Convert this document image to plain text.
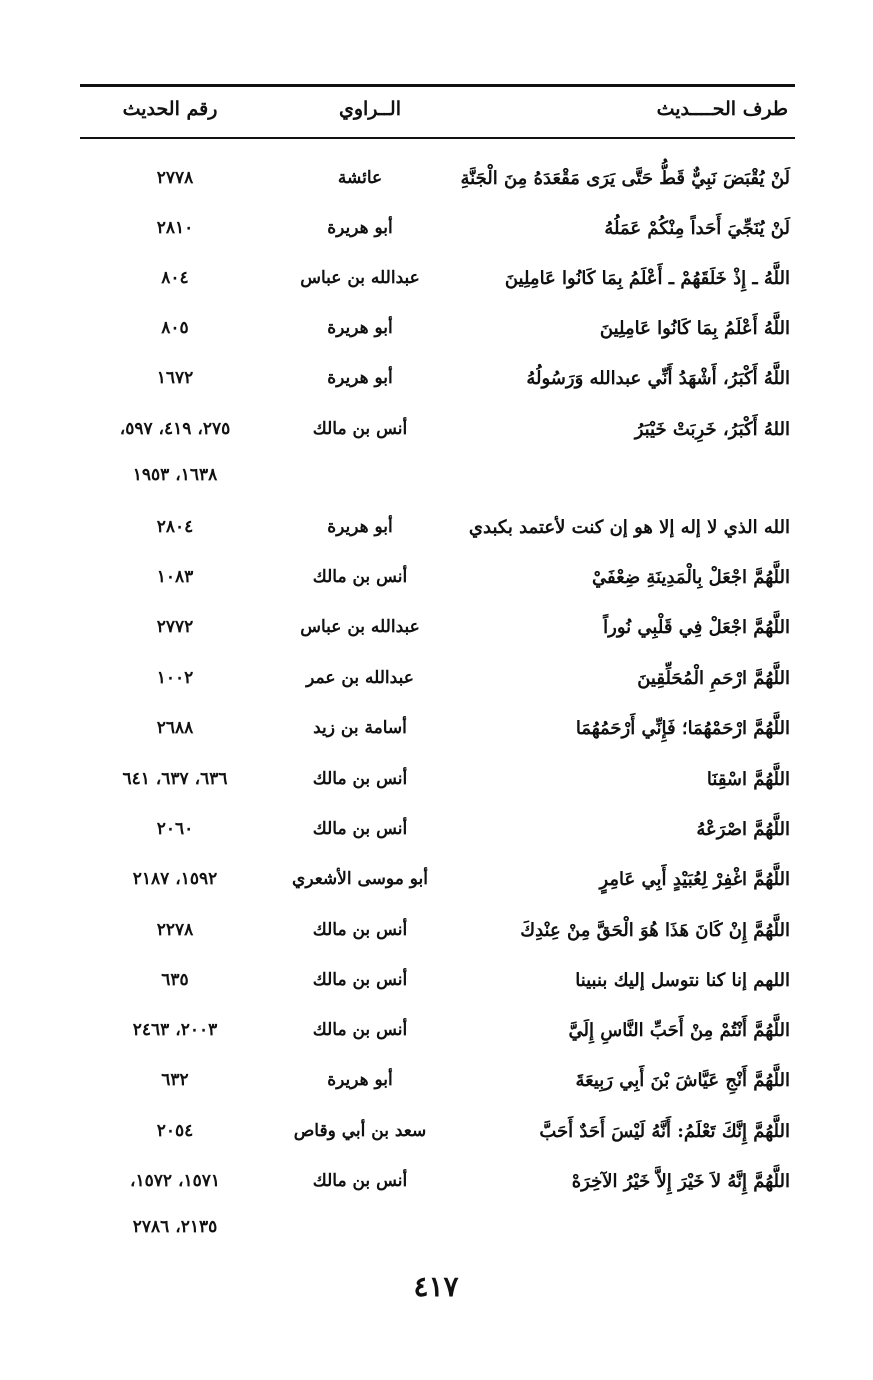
طرف الحــــديث
الــراوي
رقم الحديث
لَنْ يُقْبَضَ نَبِيٌّ قَطُّ حَتَّى يَرَى مَقْعَدَهُ مِنَ الْجَنَّةِ
عائشة
٢٧٧٨
لَنْ يُنَجِّيَ أَحَداً مِنْكُمْ عَمَلُهُ
أبو هريرة
٢٨١٠
اللَّهُ ـ إِذْ خَلَقَهُمْ ـ أَعْلَمُ بِمَا كَانُوا عَامِلِينَ
عبدالله بن عباس
٨٠٤
اللَّهُ أَعْلَمُ بِمَا كَانُوا عَامِلِينَ
أبو هريرة
٨٠٥
اللَّهُ أَكْبَرُ، أَشْهَدُ أَنِّي عبدالله وَرَسُولُهُ
أبو هريرة
١٦٧٢
اللهُ أَكْبَرُ، خَرِبَتْ خَيْبَرُ
أنس بن مالك
٢٧٥، ٤١٩، ٥٩٧،
١٦٣٨، ١٩٥٣
الله الذي لا إله إلا هو إن كنت لأعتمد بكبدي
أبو هريرة
٢٨٠٤
اللَّهُمَّ اجْعَلْ بِالْمَدِينَةِ ضِعْفَيْ
أنس بن مالك
١٠٨٣
اللَّهُمَّ اجْعَلْ فِي قَلْبِي نُوراً
عبدالله بن عباس
٢٧٧٢
اللَّهُمَّ ارْحَمِ الْمُحَلِّقِينَ
عبدالله بن عمر
١٠٠٢
اللَّهُمَّ ارْحَمْهُمَا؛ فَإِنِّي أَرْحَمُهُمَا
أسامة بن زيد
٢٦٨٨
اللَّهُمَّ اسْقِنَا
أنس بن مالك
٦٣٦، ٦٣٧، ٦٤١
اللَّهُمَّ اصْرَعْهُ
أنس بن مالك
٢٠٦٠
اللَّهُمَّ اغْفِرْ لِعُبَيْدٍ أَبِي عَامِرٍ
أبو موسى الأشعري
١٥٩٢، ٢١٨٧
اللَّهُمَّ إِنْ كَانَ هَذَا هُوَ الْحَقَّ مِنْ عِنْدِكَ
أنس بن مالك
٢٢٧٨
اللهم إنا كنا نتوسل إليك بنبينا
أنس بن مالك
٦٣٥
اللَّهُمَّ أَنْتُمْ مِنْ أَحَبِّ النَّاسِ إِلَيَّ
أنس بن مالك
٢٠٠٣، ٢٤٦٣
اللَّهُمَّ أَنْجِ عَيَّاشَ بْنَ أَبِي رَبِيعَةَ
أبو هريرة
٦٣٢
اللَّهُمَّ إِنَّكَ تَعْلَمُ: أَنَّهُ لَيْسَ أَحَدٌ أَحَبَّ
سعد بن أبي وقاص
٢٠٥٤
اللَّهُمَّ إِنَّهُ لاَ خَيْرَ إِلاَّ خَيْرُ الآخِرَهْ
أنس بن مالك
١٥٧١، ١٥٧٢،
٢١٣٥، ٢٧٨٦
٤١٧
